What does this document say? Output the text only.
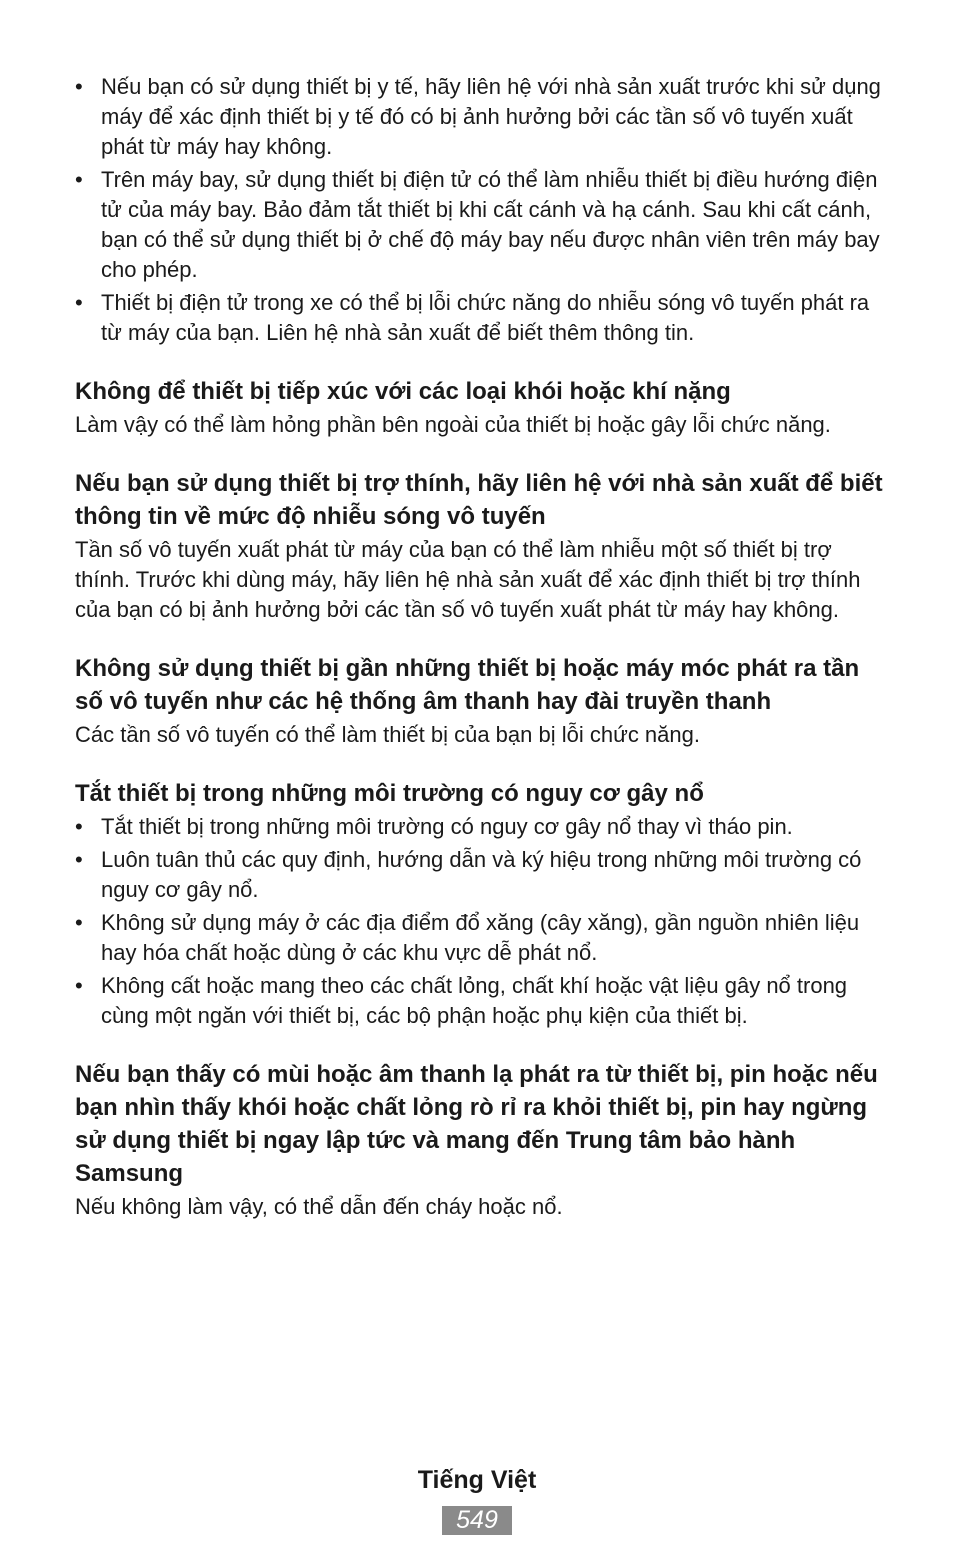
• Nếu bạn có sử dụng thiết bị y tế, hãy liên hệ với nhà sản xuất trước khi sử dụng máy để xác định thiết bị y tế đó có bị ảnh hưởng bởi các tần số vô tuyến xuất phát từ máy hay không.
• Trên máy bay, sử dụng thiết bị điện tử có thể làm nhiễu thiết bị điều hướng điện tử của máy bay. Bảo đảm tắt thiết bị khi cất cánh và hạ cánh. Sau khi cất cánh, bạn có thể sử dụng thiết bị ở chế độ máy bay nếu được nhân viên trên máy bay cho phép.
• Thiết bị điện tử trong xe có thể bị lỗi chức năng do nhiễu sóng vô tuyến phát ra từ máy của bạn. Liên hệ nhà sản xuất để biết thêm thông tin.
Không để thiết bị tiếp xúc với các loại khói hoặc khí nặng

Làm vậy có thể làm hỏng phần bên ngoài của thiết bị hoặc gây lỗi chức năng.

Nếu bạn sử dụng thiết bị trợ thính, hãy liên hệ với nhà sản xuất để biết thông tin về mức độ nhiễu sóng vô tuyến

Tần số vô tuyến xuất phát từ máy của bạn có thể làm nhiễu một số thiết bị trợ thính. Trước khi dùng máy, hãy liên hệ nhà sản xuất để xác định thiết bị trợ thính của bạn có bị ảnh hưởng bởi các tần số vô tuyến xuất phát từ máy hay không.

Không sử dụng thiết bị gần những thiết bị hoặc máy móc phát ra tần số vô tuyến như các hệ thống âm thanh hay đài truyền thanh

Các tần số vô tuyến có thể làm thiết bị của bạn bị lỗi chức năng.

Tắt thiết bị trong những môi trường có nguy cơ gây nổ
• Tắt thiết bị trong những môi trường có nguy cơ gây nổ thay vì tháo pin.
• Luôn tuân thủ các quy định, hướng dẫn và ký hiệu trong những môi trường có nguy cơ gây nổ.
• Không sử dụng máy ở các địa điểm đổ xăng (cây xăng), gần nguồn nhiên liệu hay hóa chất hoặc dùng ở các khu vực dễ phát nổ.
• Không cất hoặc mang theo các chất lỏng, chất khí hoặc vật liệu gây nổ trong cùng một ngăn với thiết bị, các bộ phận hoặc phụ kiện của thiết bị.
Nếu bạn thấy có mùi hoặc âm thanh lạ phát ra từ thiết bị, pin hoặc nếu bạn nhìn thấy khói hoặc chất lỏng rò rỉ ra khỏi thiết bị, pin hay ngừng sử dụng thiết bị ngay lập tức và mang đến Trung tâm bảo hành Samsung

Nếu không làm vậy, có thể dẫn đến cháy hoặc nổ.

Tiếng Việt
549
